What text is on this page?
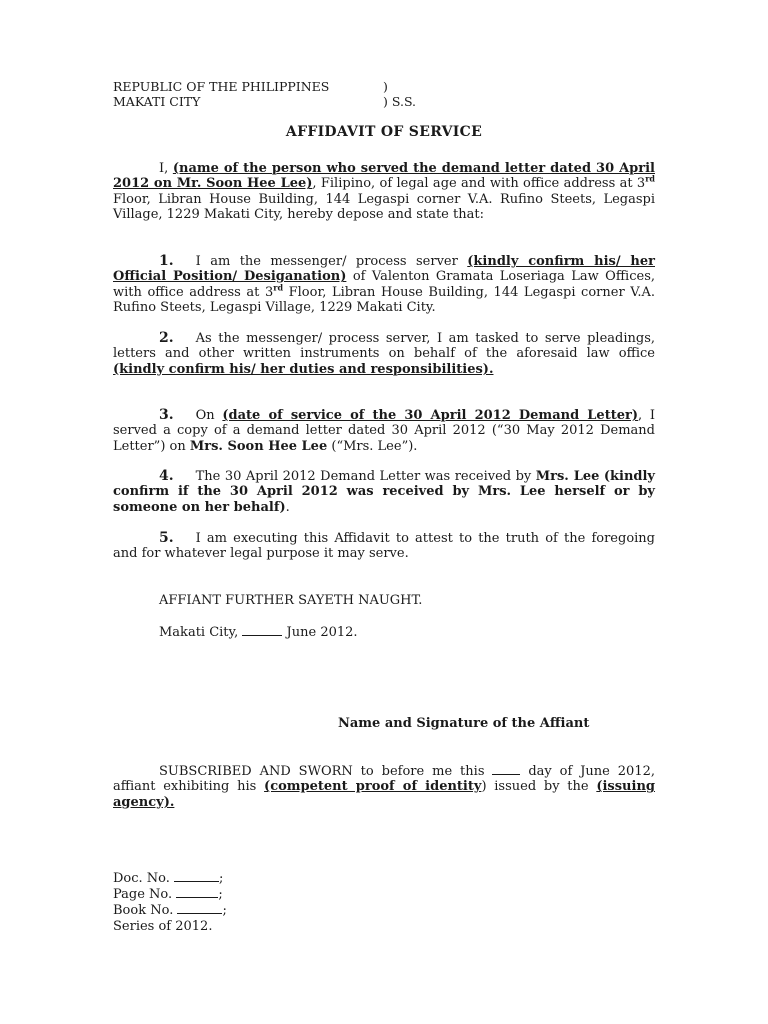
REPUBLIC OF THE PHILIPPINES	)
MAKATI CITY	) S.S.
AFFIDAVIT OF SERVICE
I, (name of the person who served the demand letter dated 30 April 2012 on Mr. Soon Hee Lee), Filipino, of legal age and with office address at 3rd Floor, Libran House Building, 144 Legaspi corner V.A. Rufino Steets, Legaspi Village, 1229 Makati City, hereby depose and state that:
1. I am the messenger/ process server (kindly confirm his/ her Official Position/ Desiganation) of Valenton Gramata Loseriaga Law Offices, with office address at 3rd Floor, Libran House Building, 144 Legaspi corner V.A. Rufino Steets, Legaspi Village, 1229 Makati City.
2. As the messenger/ process server, I am tasked to serve pleadings, letters and other written instruments on behalf of the aforesaid law office (kindly confirm his/ her duties and responsibilities).
3. On (date of service of the 30 April 2012 Demand Letter), I served a copy of a demand letter dated 30 April 2012 (“30 May 2012 Demand Letter”) on Mrs. Soon Hee Lee (“Mrs. Lee”).
4. The 30 April 2012 Demand Letter was received by Mrs. Lee (kindly confirm if the 30 April 2012 was received by Mrs. Lee herself or by someone on her behalf).
5. I am executing this Affidavit to attest to the truth of the foregoing and for whatever legal purpose it may serve.
AFFIANT FURTHER SAYETH NAUGHT.
Makati City,	June 2012.
Name and Signature of the Affiant
SUBSCRIBED AND SWORN to before me this  day of June 2012, affiant exhibiting his (competent proof of identity) issued by the (issuing agency).
Doc. No.	;
Page No.	;
Book No.	;
Series of 2012.
